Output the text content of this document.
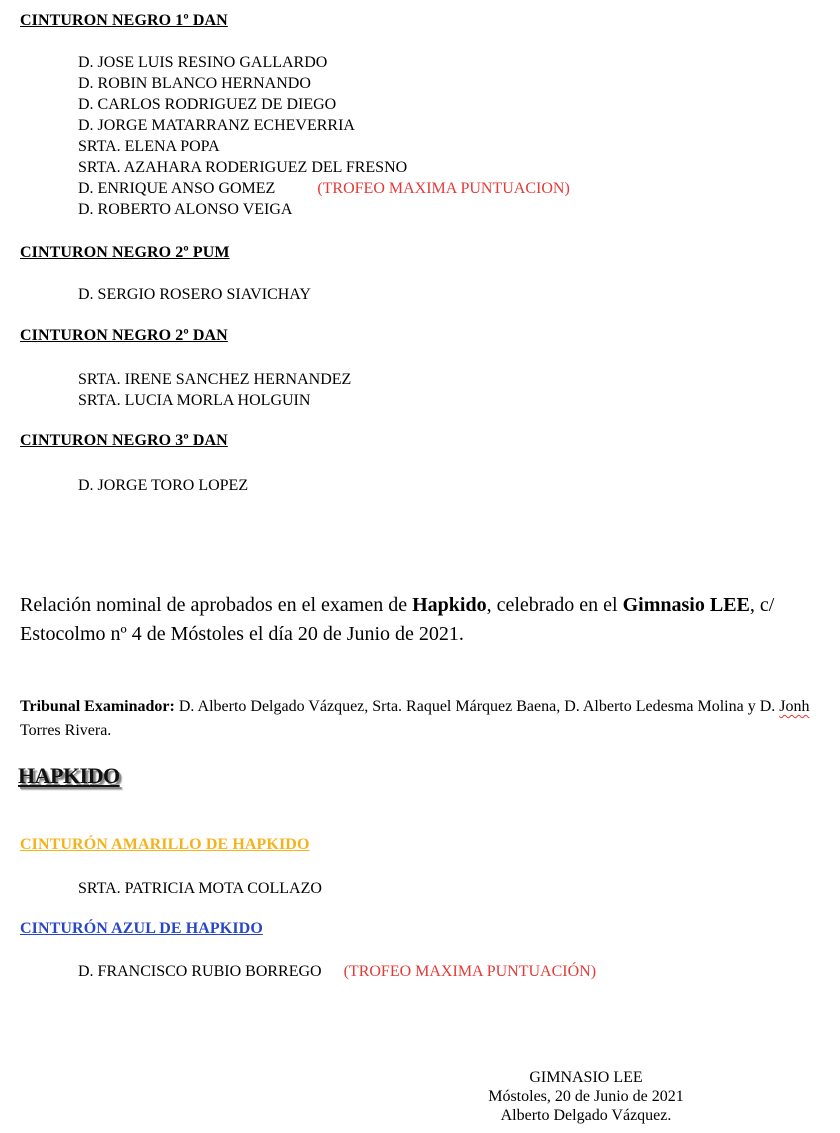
CINTURON NEGRO 1º DAN
D. JOSE LUIS RESINO GALLARDO
D. ROBIN BLANCO HERNANDO
D. CARLOS RODRIGUEZ DE DIEGO
D. JORGE MATARRANZ ECHEVERRIA
SRTA. ELENA POPA
SRTA. AZAHARA RODERIGUEZ DEL FRESNO
D. ENRIQUE ANSO GOMEZ	(TROFEO MAXIMA PUNTUACION)
D. ROBERTO ALONSO VEIGA
CINTURON NEGRO 2º PUM
D. SERGIO ROSERO SIAVICHAY
CINTURON NEGRO 2º DAN
SRTA. IRENE SANCHEZ HERNANDEZ
SRTA. LUCIA MORLA HOLGUIN
CINTURON NEGRO 3º DAN
D. JORGE TORO LOPEZ
Relación nominal de aprobados en el examen de Hapkido, celebrado en el Gimnasio LEE, c/ Estocolmo nº 4 de Móstoles el día 20 de Junio de 2021.
Tribunal Examinador: D. Alberto Delgado Vázquez, Srta. Raquel Márquez Baena, D. Alberto Ledesma Molina y D. Jonh Torres Rivera.
HAPKIDO
CINTURÓN AMARILLO DE HAPKIDO
SRTA. PATRICIA MOTA COLLAZO
CINTURÓN AZUL DE HAPKIDO
D. FRANCISCO RUBIO BORREGO (TROFEO MAXIMA PUNTUACIÓN)
GIMNASIO LEE
Móstoles, 20 de Junio de 2021
Alberto Delgado Vázquez.
